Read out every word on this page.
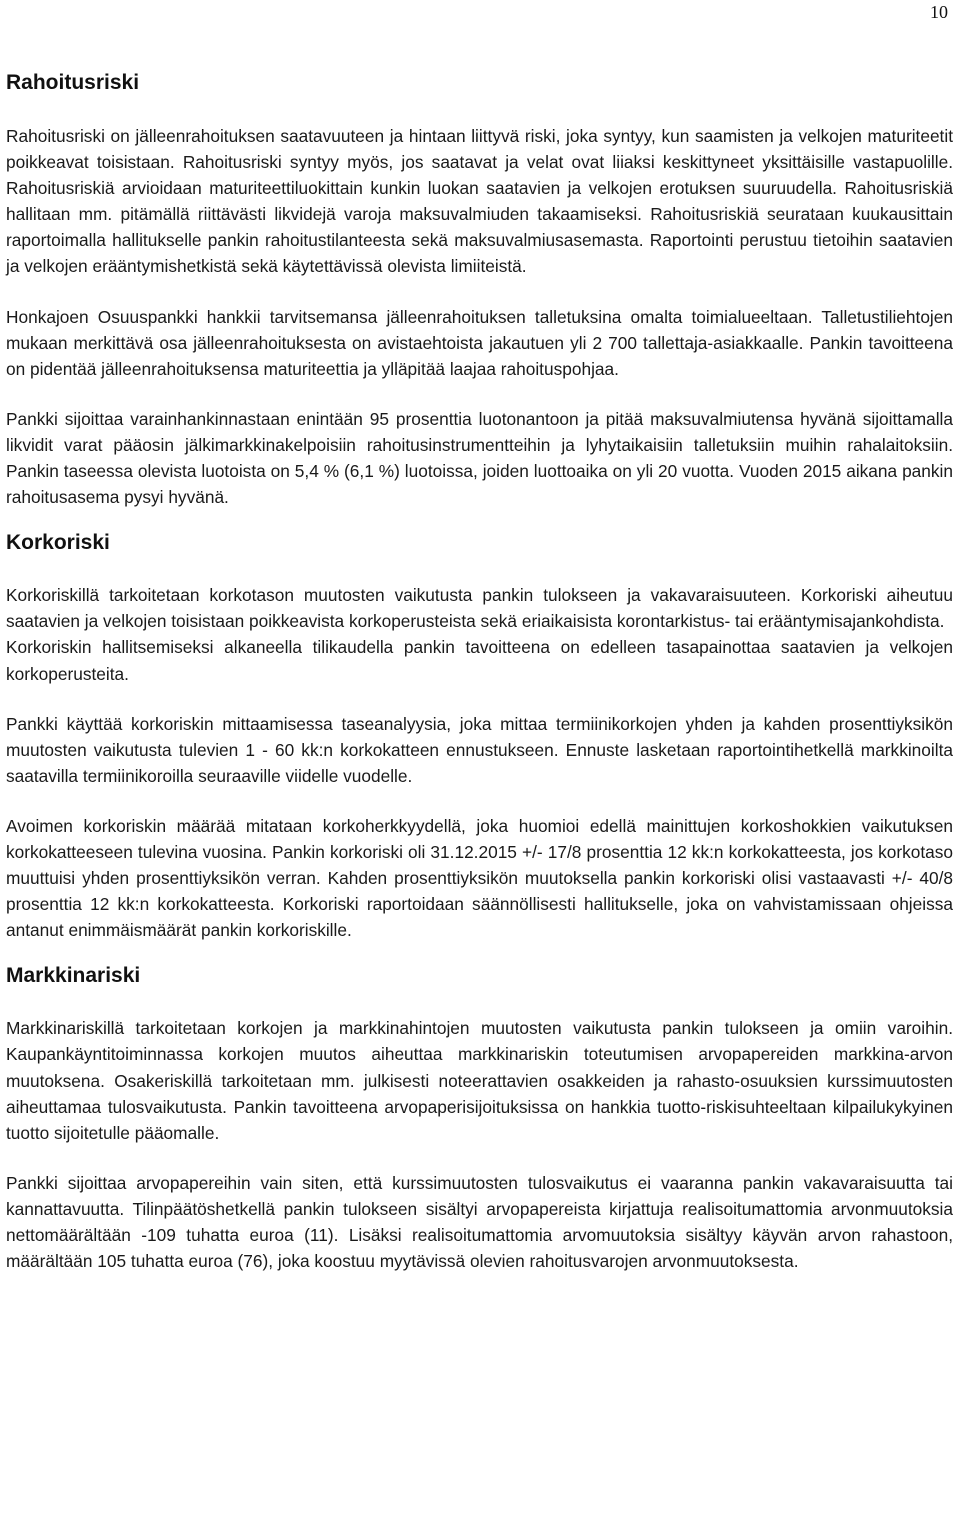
10
Rahoitusriski

Rahoitusriski on jälleenrahoituksen saatavuuteen ja hintaan liittyvä riski, joka syntyy, kun saamisten ja velkojen maturiteetit poikkeavat toisistaan. Rahoitusriski syntyy myös, jos saatavat ja velat ovat liiaksi keskittyneet yksittäisille vastapuolille. Rahoitusriskiä arvioidaan maturiteettiluokittain kunkin luokan saatavien ja velkojen erotuksen suuruudella. Rahoitusriskiä hallitaan mm. pitämällä riittävästi likvidejä varoja maksuvalmiuden takaamiseksi. Rahoitusriskiä seurataan kuukausittain raportoimalla hallitukselle pankin rahoitustilanteesta sekä maksuvalmiusasemasta. Raportointi perustuu tietoihin saatavien ja velkojen erääntymishetkistä sekä käytettävissä olevista limiiteistä.

Honkajoen Osuuspankki hankkii tarvitsemansa jälleenrahoituksen talletuksina omalta toimialueeltaan. Talletustiliehtojen mukaan merkittävä osa jälleenrahoituksesta on avistaehtoista jakautuen yli 2 700 tallettaja-asiakkaalle. Pankin tavoitteena on pidentää jälleenrahoituksensa maturiteettia ja ylläpitää laajaa rahoituspohjaa.

Pankki sijoittaa varainhankinnastaan enintään 95 prosenttia luotonantoon ja pitää maksuvalmiutensa hyvänä sijoittamalla likvidit varat pääosin jälkimarkkinakelpoisiin rahoitusinstrumentteihin ja lyhytaikaisiin talletuksiin muihin rahalaitoksiin. Pankin taseessa olevista luotoista on 5,4 % (6,1 %) luotoissa, joiden luottoaika on yli 20 vuotta. Vuoden 2015 aikana pankin rahoitusasema pysyi hyvänä.

Korkoriski

Korkoriskillä tarkoitetaan korkotason muutosten vaikutusta pankin tulokseen ja vakavaraisuuteen. Korkoriski aiheutuu saatavien ja velkojen toisistaan poikkeavista korkoperusteista sekä eriaikaisista korontarkistus- tai erääntymisajankohdista.

Korkoriskin hallitsemiseksi alkaneella tilikaudella pankin tavoitteena on edelleen tasapainottaa saatavien ja velkojen korkoperusteita.

Pankki käyttää korkoriskin mittaamisessa taseanalyysia, joka mittaa termiinikorkojen yhden ja kahden prosenttiyksikön muutosten vaikutusta tulevien 1 - 60 kk:n korkokatteen ennustukseen. Ennuste lasketaan raportointihetkellä markkinoilta saatavilla termiinikoroilla seuraaville viidelle vuodelle.

Avoimen korkoriskin määrää mitataan korkoherkkyydellä, joka huomioi edellä mainittujen korkoshokkien vaikutuksen korkokatteeseen tulevina vuosina. Pankin korkoriski oli 31.12.2015 +/- 17/8 prosenttia 12 kk:n korkokatteesta, jos korkotaso muuttuisi yhden prosenttiyksikön verran. Kahden prosenttiyksikön muutoksella pankin korkoriski olisi vastaavasti +/- 40/8 prosenttia 12 kk:n korkokatteesta. Korkoriski raportoidaan säännöllisesti hallitukselle, joka on vahvistamissaan ohjeissa antanut enimmäismäärät pankin korkoriskille.

Markkinariski

Markkinariskillä tarkoitetaan korkojen ja markkinahintojen muutosten vaikutusta pankin tulokseen ja omiin varoihin. Kaupankäyntitoiminnassa korkojen muutos aiheuttaa markkinariskin toteutumisen arvopapereiden markkina-arvon muutoksena. Osakeriskillä tarkoitetaan mm. julkisesti noteerattavien osakkeiden ja rahasto-osuuksien kurssimuutosten aiheuttamaa tulosvaikutusta. Pankin tavoitteena arvopaperisijoituksissa on hankkia tuotto-riskisuhteeltaan kilpailukykyinen tuotto sijoitetulle pääomalle.

Pankki sijoittaa arvopapereihin vain siten, että kurssimuutosten tulosvaikutus ei vaaranna pankin vakavaraisuutta tai kannattavuutta. Tilinpäätöshetkellä pankin tulokseen sisältyi arvopapereista kirjattuja realisoitumattomia arvonmuutoksia nettomäärältään -109 tuhatta euroa (11). Lisäksi realisoitumattomia arvomuutoksia sisältyy käyvän arvon rahastoon, määrältään 105 tuhatta euroa (76), joka koostuu myytävissä olevien rahoitusvarojen arvonmuutoksesta.
